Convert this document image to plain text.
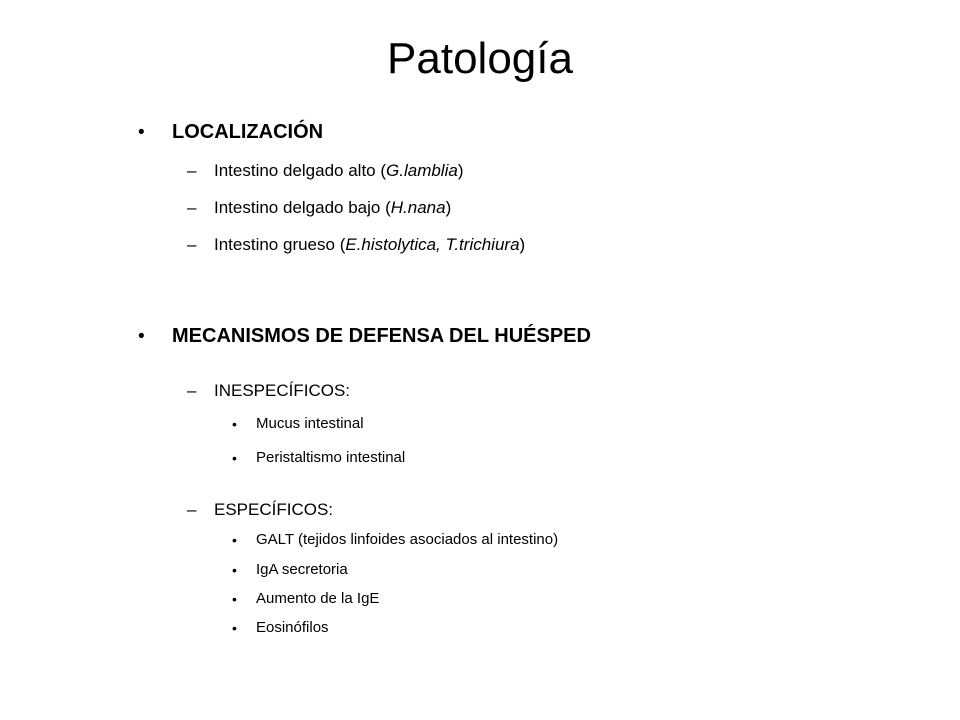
Patología
• LOCALIZACIÓN
– Intestino delgado alto (G.lamblia)
– Intestino delgado bajo (H.nana)
– Intestino grueso (E.histolytica, T.trichiura)
• MECANISMOS DE DEFENSA DEL HUÉSPED
– INESPECÍFICOS:
• Mucus intestinal
• Peristaltismo intestinal
– ESPECÍFICOS:
• GALT (tejidos linfoides asociados al intestino)
• IgA secretoria
• Aumento de la IgE
• Eosinófilos
